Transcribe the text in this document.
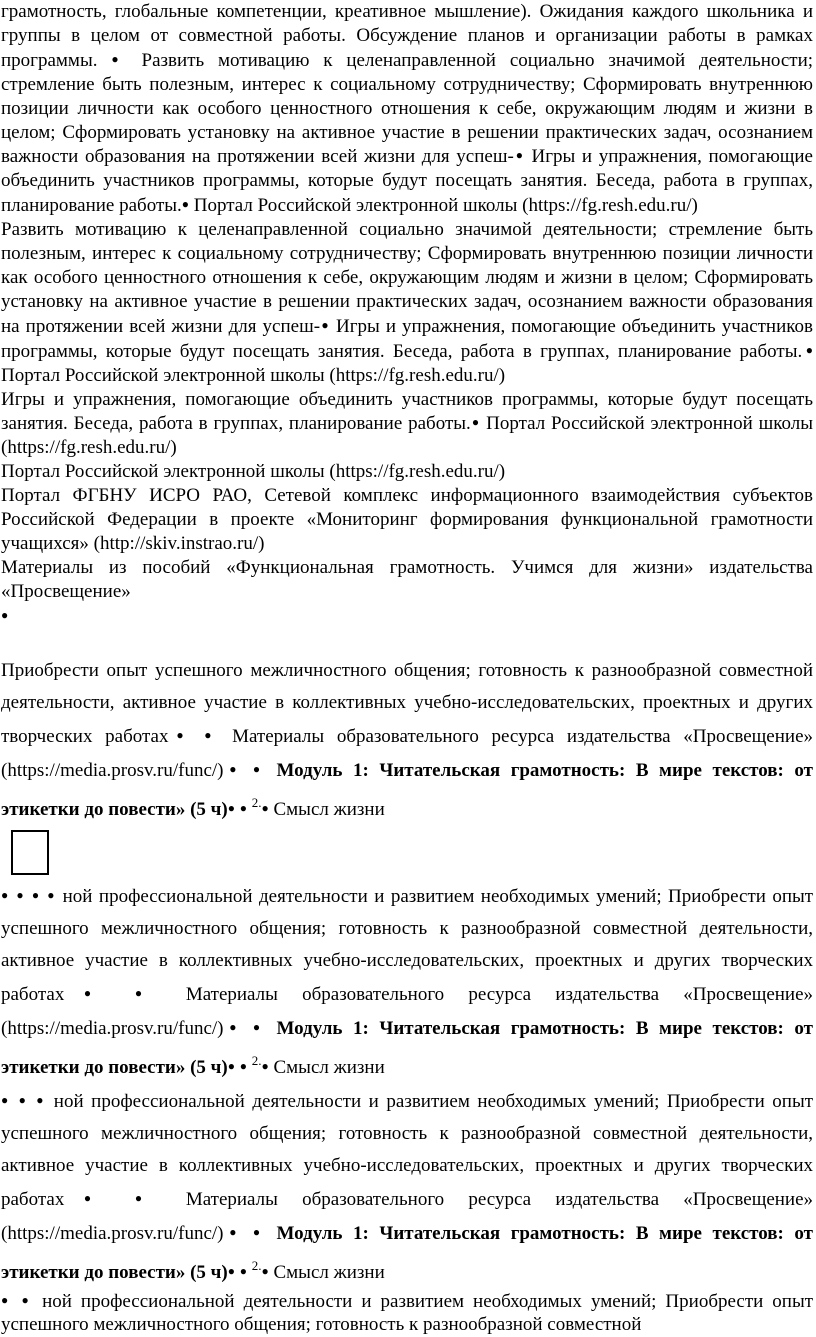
грамотность, глобальные компетенции, креативное мышление). Ожидания каждого школьника и группы в целом от совместной работы. Обсуждение планов и организации работы в рамках программы. ● Развить мотивацию к целенаправленной социально значимой деятельности; стремление быть полезным, интерес к социальному сотрудничеству; Сформировать внутреннюю позиции личности как особого ценностного отношения к себе, окружающим людям и жизни в целом; Сформировать установку на активное участие в решении практических задач, осознанием важности образования на протяжении всей жизни для успеш-● Игры и упражнения, помогающие объединить участников программы, которые будут посещать занятия. Беседа, работа в группах, планирование работы.● Портал Российской электронной школы (https://fg.resh.edu.ru/)

Развить мотивацию к целенаправленной социально значимой деятельности; стремление быть полезным, интерес к социальному сотрудничеству; Сформировать внутреннюю позиции личности как особого ценностного отношения к себе, окружающим людям и жизни в целом; Сформировать установку на активное участие в решении практических задач, осознанием важности образования на протяжении всей жизни для успеш-● Игры и упражнения, помогающие объединить участников программы, которые будут посещать занятия. Беседа, работа в группах, планирование работы.● Портал Российской электронной школы (https://fg.resh.edu.ru/)

Игры и упражнения, помогающие объединить участников программы, которые будут посещать занятия. Беседа, работа в группах, планирование работы.● Портал Российской электронной школы (https://fg.resh.edu.ru/)

Портал Российской электронной школы (https://fg.resh.edu.ru/)

Портал ФГБНУ ИСРО РАО, Сетевой комплекс информационного взаимодействия субъектов Российской Федерации в проекте «Мониторинг формирования функциональной грамотности учащихся» (http://skiv.instrao.ru/)

Материалы из пособий «Функциональная грамотность. Учимся для жизни» издательства «Просвещение»

●

Приобрести опыт успешного межличностного общения; готовность к разнообразной совместной деятельности, активное участие в коллективных учебно-исследовательских, проектных и других творческих работах● ● Материалы образовательного ресурса издательства «Просвещение» (https://media.prosv.ru/func/)● ● Модуль 1: Читательская грамотность: В мире текстов: от этикетки до повести» (5 ч)● ● $^{2.}$● Смысл жизни

● ● ● ● ной профессиональной деятельности и развитием необходимых умений; Приобрести опыт успешного межличностного общения; готовность к разнообразной совместной деятельности, активное участие в коллективных учебно-исследовательских, проектных и других творческих работах● ● Материалы образовательного ресурса издательства «Просвещение» (https://media.prosv.ru/func/)● ● Модуль 1: Читательская грамотность: В мире текстов: от этикетки до повести» (5 ч)● ● $^{2.}$● Смысл жизни

● ● ● ной профессиональной деятельности и развитием необходимых умений; Приобрести опыт успешного межличностного общения; готовность к разнообразной совместной деятельности, активное участие в коллективных учебно-исследовательских, проектных и других творческих работах● ● Материалы образовательного ресурса издательства «Просвещение» (https://media.prosv.ru/func/)● ● Модуль 1: Читательская грамотность: В мире текстов: от этикетки до повести» (5 ч)● ● $^{2.}$● Смысл жизни

● ● ной профессиональной деятельности и развитием необходимых умений; Приобрести опыт успешного межличностного общения; готовность к разнообразной совместной
